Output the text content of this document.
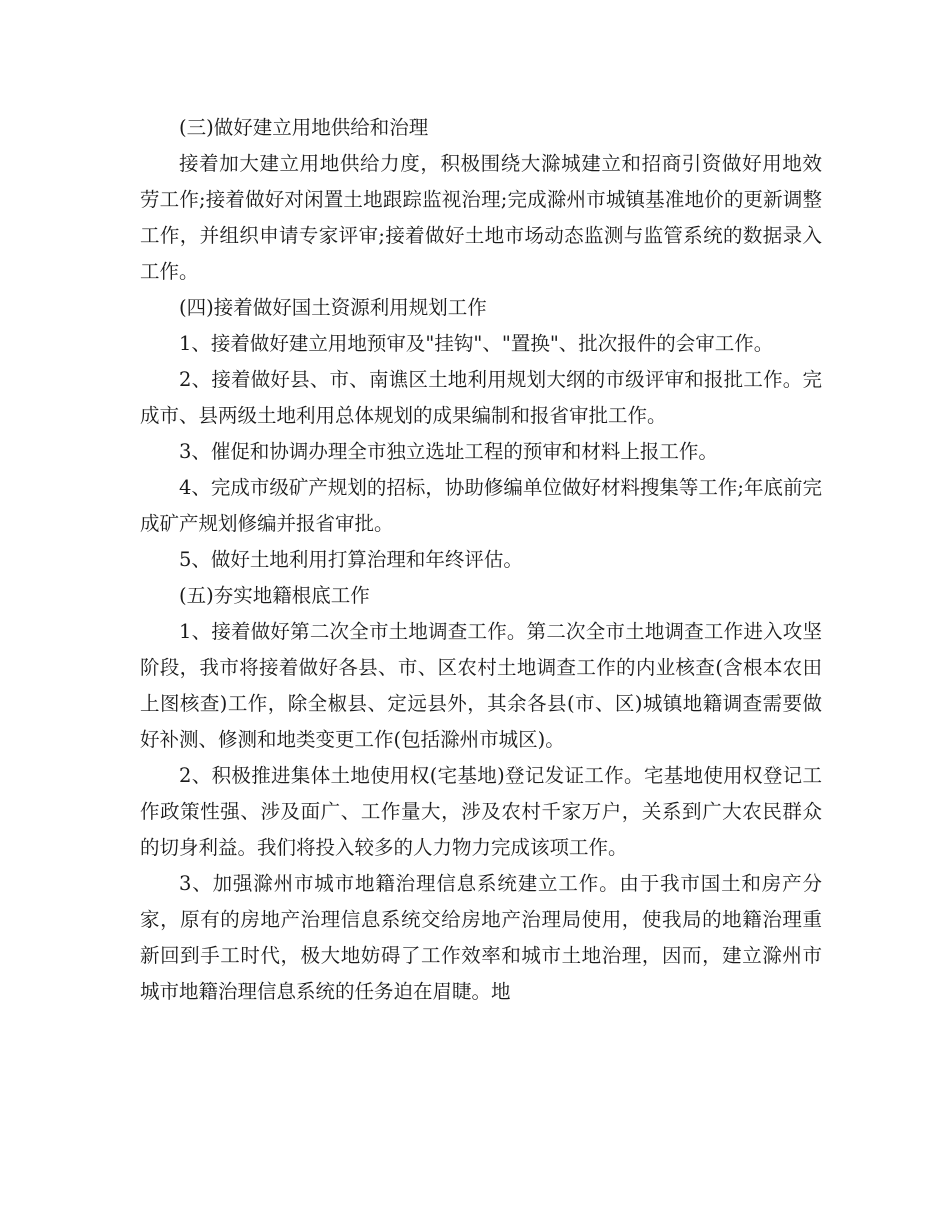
(三)做好建立用地供给和治理

接着加大建立用地供给力度，积极围绕大滁城建立和招商引资做好用地效劳工作;接着做好对闲置土地跟踪监视治理;完成滁州市城镇基准地价的更新调整工作，并组织申请专家评审;接着做好土地市场动态监测与监管系统的数据录入工作。

(四)接着做好国土资源利用规划工作

1、接着做好建立用地预审及"挂钩"、"置换"、批次报件的会审工作。

2、接着做好县、市、南谯区土地利用规划大纲的市级评审和报批工作。完成市、县两级土地利用总体规划的成果编制和报省审批工作。

3、催促和协调办理全市独立选址工程的预审和材料上报工作。

4、完成市级矿产规划的招标，协助修编单位做好材料搜集等工作;年底前完成矿产规划修编并报省审批。

5、做好土地利用打算治理和年终评估。

(五)夯实地籍根底工作

1、接着做好第二次全市土地调查工作。第二次全市土地调查工作进入攻坚阶段，我市将接着做好各县、市、区农村土地调查工作的内业核查(含根本农田上图核查)工作，除全椒县、定远县外，其余各县(市、区)城镇地籍调查需要做好补测、修测和地类变更工作(包括滁州市城区)。

2、积极推进集体土地使用权(宅基地)登记发证工作。宅基地使用权登记工作政策性强、涉及面广、工作量大，涉及农村千家万户，关系到广大农民群众的切身利益。我们将投入较多的人力物力完成该项工作。

3、加强滁州市城市地籍治理信息系统建立工作。由于我市国土和房产分家，原有的房地产治理信息系统交给房地产治理局使用，使我局的地籍治理重新回到手工时代，极大地妨碍了工作效率和城市土地治理，因而，建立滁州市城市地籍治理信息系统的任务迫在眉睫。地
